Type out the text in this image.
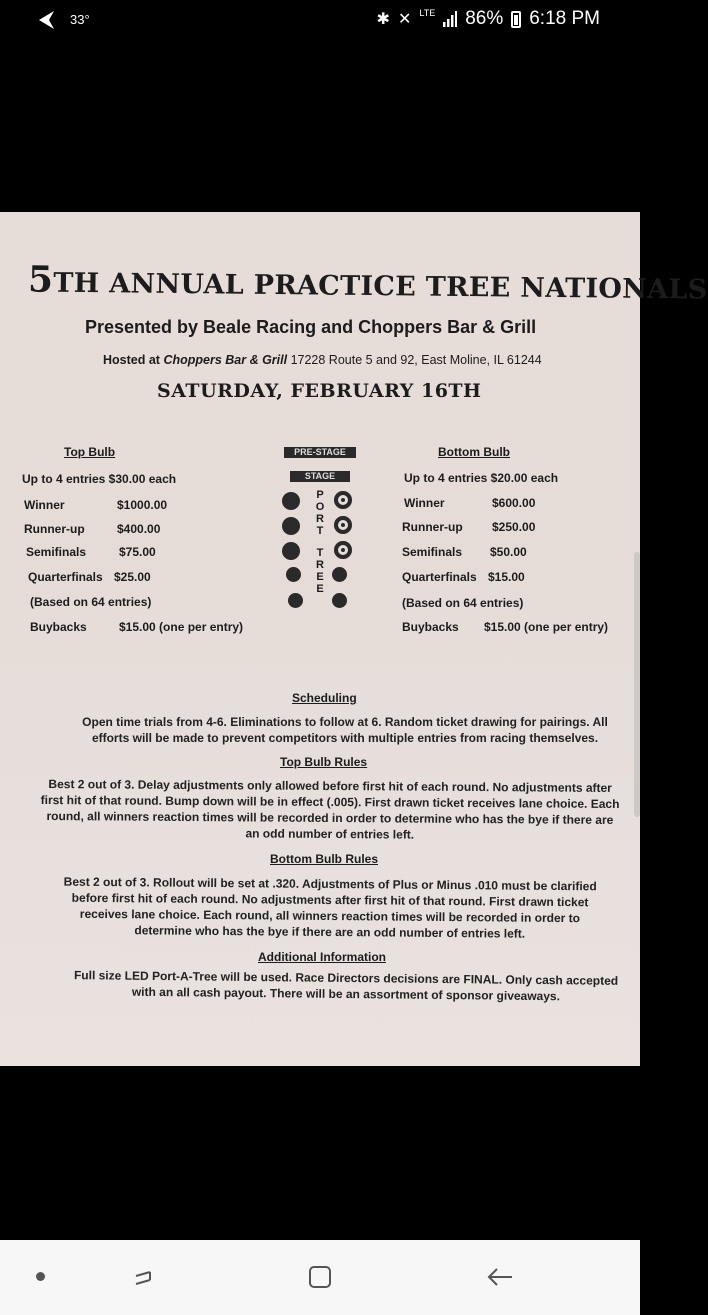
33°	✱ ✕ LTE 86% 6:18 PM
5TH ANNUAL PRACTICE TREE NATIONALS
Presented by Beale Racing and Choppers Bar & Grill
Hosted at Choppers Bar & Grill 17228 Route 5 and 92, East Moline, IL 61244
SATURDAY, FEBRUARY 16TH
Top Bulb
Up to 4 entries $30.00 each
Winner	$1000.00
Runner-up	$400.00
Semifinals	$75.00
Quarterfinals $25.00
(Based on 64 entries)
Buybacks	$15.00 (one per entry)
PRE-STAGE
STAGE
PORT
TREE
Bottom Bulb
Up to 4 entries $20.00 each
Winner	$600.00
Runner-up $250.00
Semifinals $50.00
Quarterfinals $15.00
(Based on 64 entries)
Buybacks $15.00 (one per entry)
Scheduling
Open time trials from 4-6. Eliminations to follow at 6. Random ticket drawing for pairings. All efforts will be made to prevent competitors with multiple entries from racing themselves.
Top Bulb Rules
Best 2 out of 3. Delay adjustments only allowed before first hit of each round. No adjustments after first hit of that round. Bump down will be in effect (.005). First drawn ticket receives lane choice. Each round, all winners reaction times will be recorded in order to determine who has the bye if there are an odd number of entries left.
Bottom Bulb Rules
Best 2 out of 3. Rollout will be set at .320. Adjustments of Plus or Minus .010 must be clarified before first hit of each round. No adjustments after first hit of that round. First drawn ticket receives lane choice. Each round, all winners reaction times will be recorded in order to determine who has the bye if there are an odd number of entries left.
Additional Information
Full size LED Port-A-Tree will be used. Race Directors decisions are FINAL. Only cash accepted with an all cash payout. There will be an assortment of sponsor giveaways.
